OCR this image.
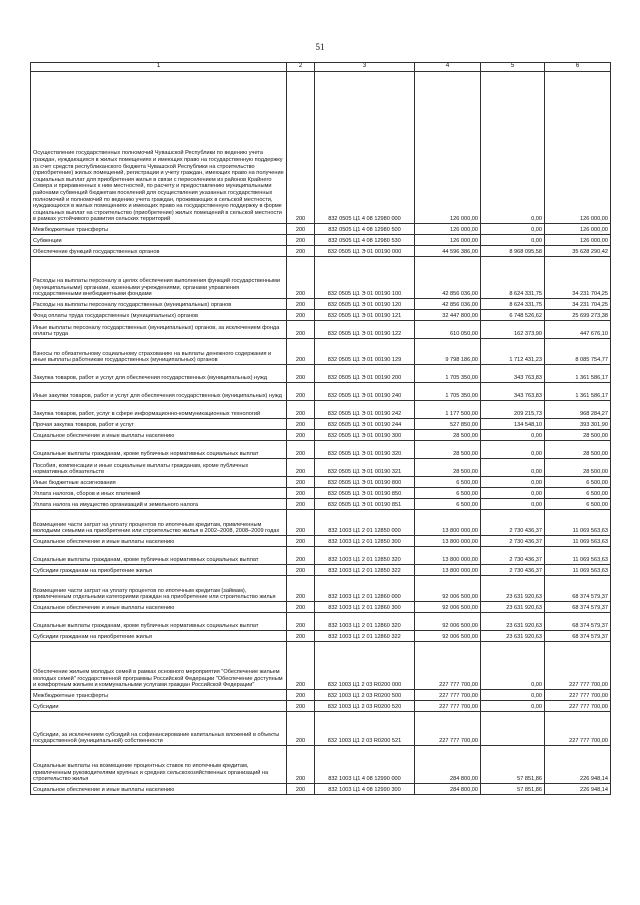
51
1	2	3	4	5	6
Осуществление государственных полномочий Чувашской Республики по ведению учета граждан, нуждающихся в жилых помещениях и имеющих право на государственную поддержку за счет средств республиканского бюджета Чувашской Республики на строительство (приобретение) жилых помещений, регистрации и учету граждан, имеющих право на получение социальных выплат для приобретения жилья в связи с переселением из районов Крайнего Севера и приравненных к ним местностей, по расчету и предоставлению муниципальными районами субвенций бюджетам поселений для осуществления указанных государственных полномочий и полномочий по ведению учета граждан, проживающих в сельской местности, нуждающихся в жилых помещениях и имеющих право на государственную поддержку в форме социальных выплат на строительство (приобретение) жилых помещений в сельской местности в рамках устойчивого развития сельских территорий	200	832 0505 Ц1 4 08 12980 000	126 000,00	0,00	126 000,00
Межбюджетные трансферты	200	832 0505 Ц1 4 08 12980 500	126 000,00	0,00	126 000,00
Субвенции	200	832 0505 Ц1 4 08 12980 530	126 000,00	0,00	126 000,00
Обеспечение функций государственных органов	200	832 0505 Ц1 Э 01 00190 000	44 596 386,00	8 968 095,58	35 628 290,42
Расходы на выплаты персоналу в целях обеспечения выполнения функций государственными (муниципальными) органами, казенными учреждениями, органами управления государственными внебюджетными фондами	200	832 0505 Ц1 Э 01 00190 100	42 856 036,00	8 624 331,75	34 231 704,25
Расходы на выплаты персоналу государственных (муниципальных) органов	200	832 0505 Ц1 Э 01 00190 120	42 856 036,00	8 624 331,75	34 231 704,25
Фонд оплаты труда государственных (муниципальных) органов	200	832 0505 Ц1 Э 01 00190 121	32 447 800,00	6 748 526,62	25 699 273,38
Иные выплаты персоналу государственных (муниципальных) органов, за исключением фонда оплаты труда	200	832 0505 Ц1 Э 01 00190 122	610 050,00	162 373,90	447 676,10
Взносы по обязательному социальному страхованию на выплаты денежного содержания и иные выплаты работникам государственных (муниципальных) органов	200	832 0505 Ц1 Э 01 00190 129	9 798 186,00	1 712 431,23	8 085 754,77
Закупка товаров, работ и услуг для обеспечения государственных (муниципальных) нужд	200	832 0505 Ц1 Э 01 00190 200	1 705 350,00	343 763,83	1 361 586,17
Иные закупки товаров, работ и услуг для обеспечения государственных (муниципальных) нужд	200	832 0505 Ц1 Э 01 00190 240	1 705 350,00	343 763,83	1 361 586,17
Закупка товаров, работ, услуг в сфере информационно-коммуникационных технологий	200	832 0505 Ц1 Э 01 00190 242	1 177 500,00	209 215,73	968 284,27
Прочая закупка товаров, работ и услуг	200	832 0505 Ц1 Э 01 00190 244	527 850,00	134 548,10	393 301,90
Социальное обеспечение и иные выплаты населению	200	832 0505 Ц1 Э 01 00190 300	28 500,00	0,00	28 500,00
Социальные выплаты гражданам, кроме публичных нормативных социальных выплат	200	832 0505 Ц1 Э 01 00190 320	28 500,00	0,00	28 500,00
Пособия, компенсации и иные социальные выплаты гражданам, кроме публичных нормативных обязательств	200	832 0505 Ц1 Э 01 00190 321	28 500,00	0,00	28 500,00
Иные бюджетные ассигнования	200	832 0505 Ц1 Э 01 00190 800	6 500,00	0,00	6 500,00
Уплата налогов, сборов и иных платежей	200	832 0505 Ц1 Э 01 00190 850	6 500,00	0,00	6 500,00
Уплата налога на имущество организаций и земельного налога	200	832 0505 Ц1 Э 01 00190 851	6 500,00	0,00	6 500,00
Возмещение части затрат на уплату процентов по ипотечным кредитам, привлеченным молодыми семьями на приобретение или строительство жилья в 2002–2008, 2008–2009 годах	200	832 1003 Ц1 2 01 12850 000	13 800 000,00	2 730 436,37	11 069 563,63
Социальное обеспечение и иные выплаты населению	200	832 1003 Ц1 2 01 12850 300	13 800 000,00	2 730 436,37	11 069 563,63
Социальные выплаты гражданам, кроме публичных нормативных социальных выплат	200	832 1003 Ц1 2 01 12850 320	13 800 000,00	2 730 436,37	11 069 563,63
Субсидии гражданам на приобретение жилья	200	832 1003 Ц1 2 01 12850 322	13 800 000,00	2 730 436,37	11 069 563,63
Возмещение части затрат на уплату процентов по ипотечным кредитам (займам), привлеченным отдельными категориями граждан на приобретение или строительство жилья	200	832 1003 Ц1 2 01 12860 000	92 006 500,00	23 631 920,63	68 374 579,37
Социальное обеспечение и иные выплаты населению	200	832 1003 Ц1 2 01 12860 300	92 006 500,00	23 631 920,63	68 374 579,37
Социальные выплаты гражданам, кроме публичных нормативных социальных выплат	200	832 1003 Ц1 2 01 12860 320	92 006 500,00	23 631 920,63	68 374 579,37
Субсидии гражданам на приобретение жилья	200	832 1003 Ц1 2 01 12860 322	92 006 500,00	23 631 920,63	68 374 579,37
Обеспечение жильем молодых семей в рамках основного мероприятия "Обеспечение жильем молодых семей" государственной программы Российской Федерации "Обеспечение доступным и комфортным жильем и коммунальными услугами граждан Российской Федерации"	200	832 1003 Ц1 2 03 R0200 000	227 777 700,00	0,00	227 777 700,00
Межбюджетные трансферты	200	832 1003 Ц1 2 03 R0200 500	227 777 700,00	0,00	227 777 700,00
Субсидии	200	832 1003 Ц1 2 03 R0200 520	227 777 700,00	0,00	227 777 700,00
Субсидии, за исключением субсидий на софинансирование капитальных вложений в объекты государственной (муниципальной) собственности	200	832 1003 Ц1 2 03 R0200 521	227 777 700,00		227 777 700,00
Социальные выплаты на возмещение процентных ставок по ипотечным кредитам, привлеченным руководителями крупных и средних сельскохозяйственных организаций на строительство жилья	200	832 1003 Ц1 4 08 12990 000	284 800,00	57 851,86	226 948,14
Социальное обеспечение и иные выплаты населению	200	832 1003 Ц1 4 08 12990 300	284 800,00	57 851,86	226 948,14
